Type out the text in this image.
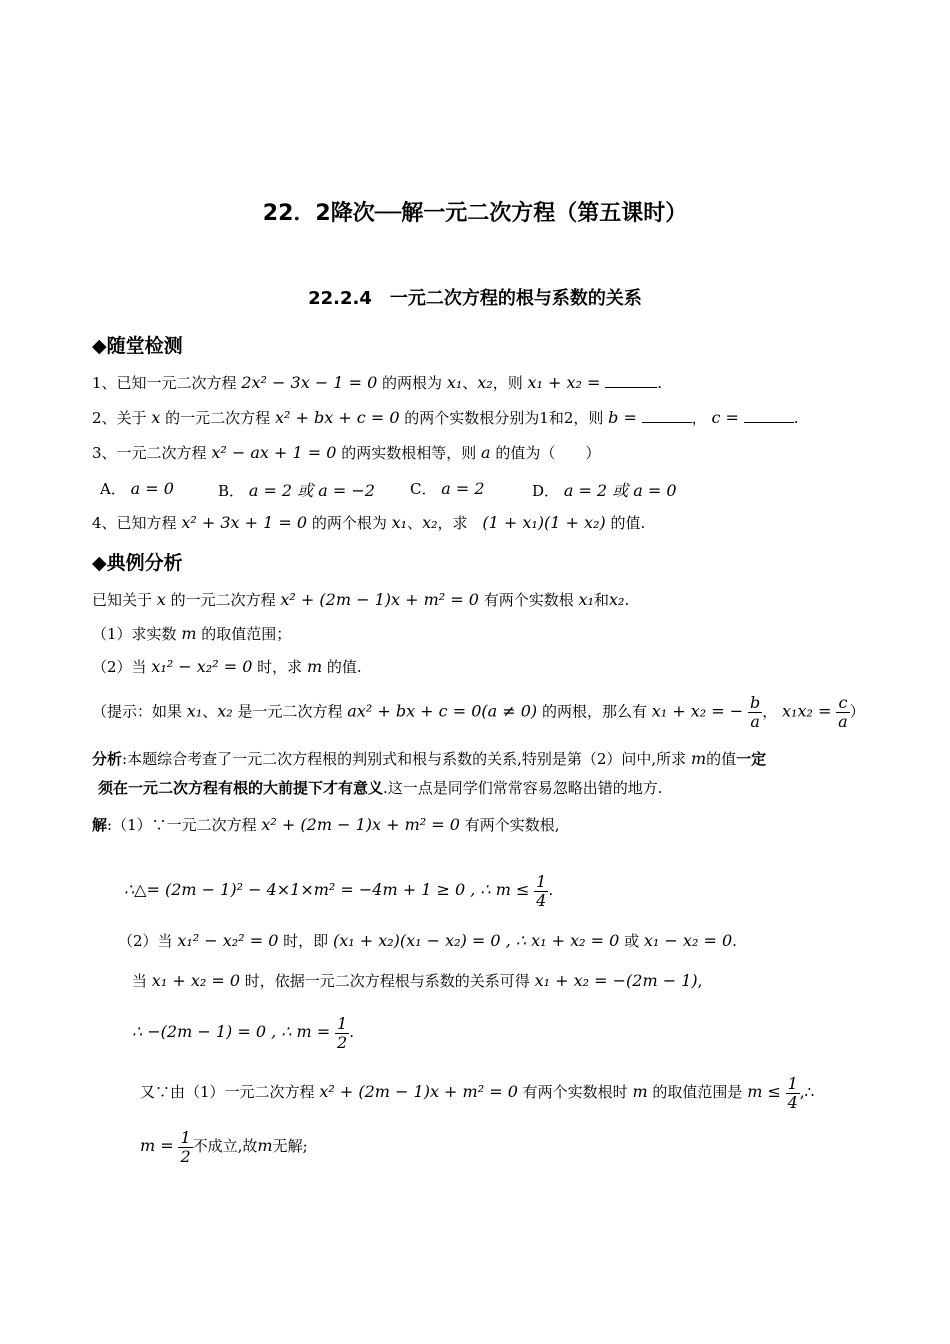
22．2降次──解一元二次方程（第五课时）
22.2.4　一元二次方程的根与系数的关系
◆随堂检测
1、已知一元二次方程 2x² − 3x − 1 = 0 的两根为 x₁、x₂，则 x₁ + x₂ =	.
2、关于 x 的一元二次方程 x² + bx + c = 0 的两个实数根分别为1和2，则 b =	， c =	.
3、一元二次方程 x² − ax + 1 = 0 的两实数根相等，则 a 的值为（　　）
A． a = 0	B． a = 2 或 a = −2 C． a = 2	D． a = 2 或 a = 0
4、已知方程 x² + 3x + 1 = 0 的两个根为 x₁、x₂，求 (1 + x₁)(1 + x₂) 的值.
◆典例分析
已知关于 x 的一元二次方程 x² + (2m − 1)x + m² = 0 有两个实数根 x₁和x₂.
（1）求实数 m 的取值范围；
（2）当 x₁² − x₂² = 0 时，求 m 的值.
（提示：如果 x₁、x₂ 是一元二次方程 ax² + bx + c = 0(a ≠ 0) 的两根，那么有 x₁ + x₂ = − $\frac{b}{a}$ ， $x_1x_2 = \frac{c}{a}$ ）
分析:本题综合考查了一元二次方程根的判别式和根与系数的关系,特别是第（2）问中,所求 m的值一定
须在一元二次方程有根的大前提下才有意义.这一点是同学们常常容易忽略出错的地方.
解:（1）∵一元二次方程 x² + (2m − 1)x + m² = 0 有两个实数根,
∴△= (2m − 1)² − 4×1×m² = −4m + 1 ≥ 0 , ∴ $m \le \frac{1}{4}$ .
（2）当 x₁² − x₂² = 0 时，即 (x₁ + x₂)(x₁ − x₂) = 0 , ∴ x₁ + x₂ = 0 或 x₁ − x₂ = 0.
当 x₁ + x₂ = 0 时，依据一元二次方程根与系数的关系可得 x₁ + x₂ = −(2m − 1),
∴ −(2m − 1) = 0 , ∴ $m = \frac{1}{2}$ .
又∵由（1）一元二次方程 x² + (2m − 1)x + m² = 0 有两个实数根时 m 的取值范围是 $m \le \frac{1}{4}$ ,∴
$m = \frac{1}{2}$ 不成立,故m无解;
